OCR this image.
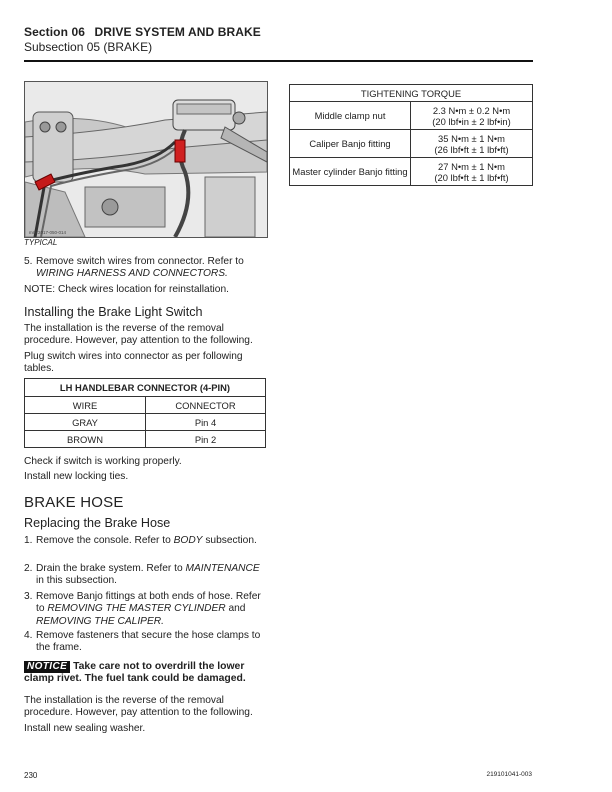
Section 06 DRIVE SYSTEM AND BRAKE
Subsection 05 (BRAKE)
mmr2017-050-014
TYPICAL

5. Remove switch wires from connector. Refer to WIRING HARNESS AND CONNECTORS.

NOTE: Check wires location for reinstallation.

Installing the Brake Light Switch

The installation is the reverse of the removal procedure. However, pay attention to the following.

Plug switch wires into connector as per following tables.

LH HANDLEBAR CONNECTOR (4-PIN)	
WIRE	CONNECTOR
GRAY	Pin 4
BROWN	Pin 2

Check if switch is working properly.

Install new locking ties.

BRAKE HOSE
Replacing the Brake Hose

1. Remove the console. Refer to BODY subsection.

2. Drain the brake system. Refer to MAINTENANCE in this subsection.

3. Remove Banjo fittings at both ends of hose. Refer to REMOVING THE MASTER CYLINDER and REMOVING THE CALIPER.

4. Remove fasteners that secure the hose clamps to the frame.

NOTICE Take care not to overdrill the lower clamp rivet. The fuel tank could be damaged.

The installation is the reverse of the removal procedure. However, pay attention to the following.

Install new sealing washer.

TIGHTENING TORQUE	
Middle clamp nut	2.3 N•m ± 0.2 N•m
(20 lbf•in ± 2 lbf•in)

Caliper Banjo fitting	35 N•m ± 1 N•m
(26 lbf•ft ± 1 lbf•ft)

Master cylinder Banjo fitting	27 N•m ± 1 N•m
(20 lbf•ft ± 1 lbf•ft)
230	219101041-003
